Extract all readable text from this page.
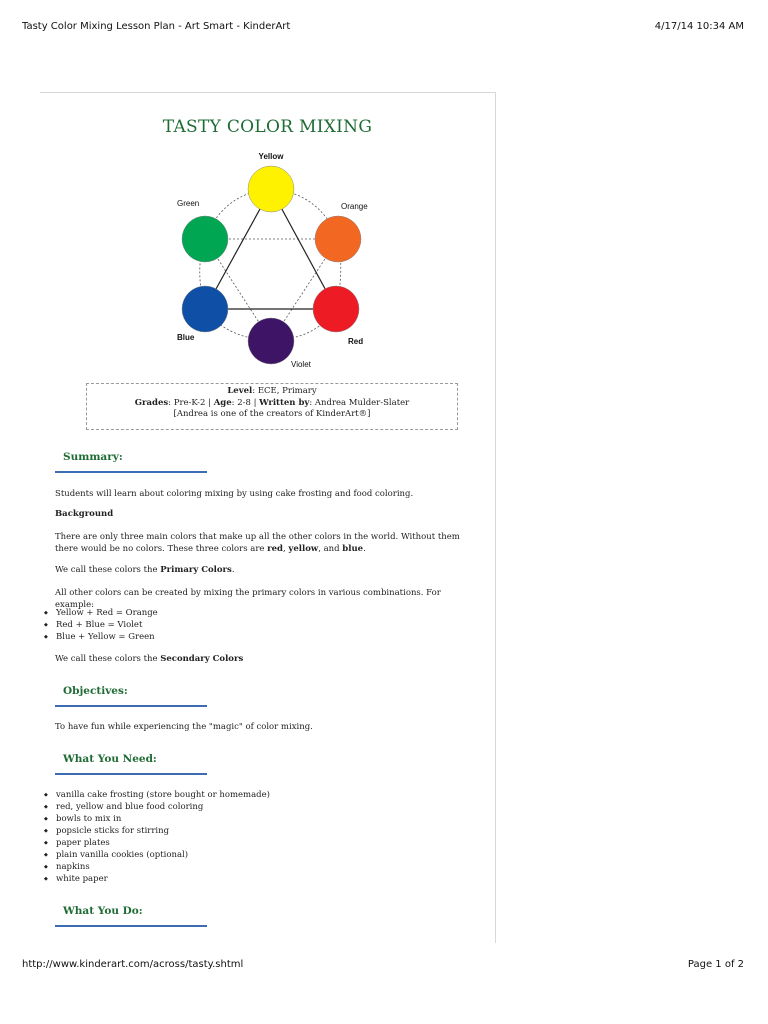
Tasty Color Mixing Lesson Plan - Art Smart - KinderArt	4/17/14 10:34 AM
TASTY COLOR MIXING
Yellow
Orange
Red
Violet
Blue
Green
Level: ECE, Primary
Grades: Pre-K-2 | Age: 2-8 | Written by: Andrea Mulder-Slater
[Andrea is one of the creators of KinderArt®]
Summary:
Students will learn about coloring mixing by using cake frosting and food coloring.
Background
There are only three main colors that make up all the other colors in the world. Without them there would be no colors. These three colors are red, yellow, and blue.
We call these colors the Primary Colors.
All other colors can be created by mixing the primary colors in various combinations. For example:
◆ Yellow + Red = Orange
◆ Red + Blue = Violet
◆ Blue + Yellow = Green
We call these colors the Secondary Colors
Objectives:
To have fun while experiencing the "magic" of color mixing.
What You Need:
◆ vanilla cake frosting (store bought or homemade)
◆ red, yellow and blue food coloring
◆ bowls to mix in
◆ popsicle sticks for stirring
◆ paper plates
◆ plain vanilla cookies (optional)
◆ napkins
◆ white paper
What You Do:
http://www.kinderart.com/across/tasty.shtml	Page 1 of 2
